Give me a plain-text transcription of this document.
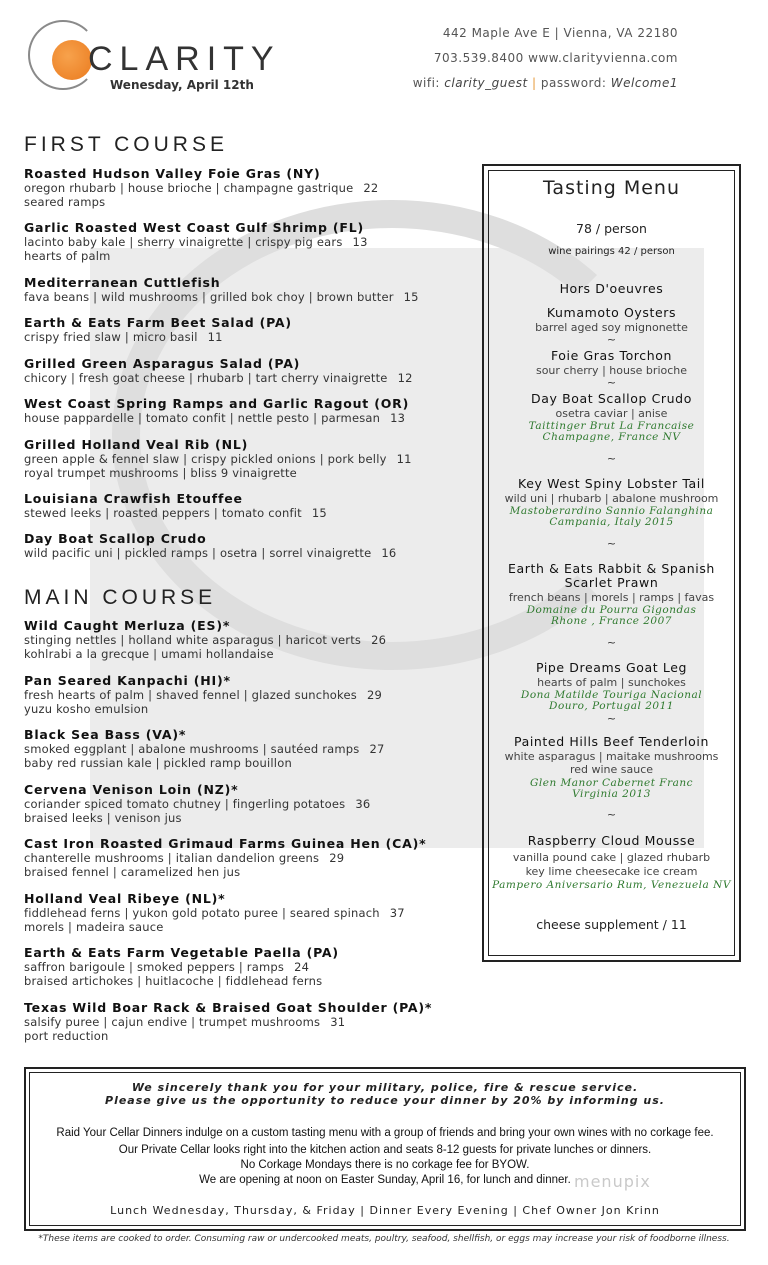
CLARITY
Wenesday, April 12th
442 Maple Ave E | Vienna, VA 22180
703.539.8400 www.clarityvienna.com
wifi: clarity_guest | password: Welcome1
FIRST COURSE
Roasted Hudson Valley Foie Gras (NY)
oregon rhubarb | house brioche | champagne gastrique 22
seared ramps
Garlic Roasted West Coast Gulf Shrimp (FL)
lacinto baby kale | sherry vinaigrette | crispy pig ears 13
hearts of palm
Mediterranean Cuttlefish
fava beans | wild mushrooms | grilled bok choy | brown butter 15
Earth & Eats Farm Beet Salad (PA)
crispy fried slaw | micro basil 11
Grilled Green Asparagus Salad (PA)
chicory | fresh goat cheese | rhubarb | tart cherry vinaigrette 12
West Coast Spring Ramps and Garlic Ragout (OR)
house pappardelle | tomato confit | nettle pesto | parmesan 13
Grilled Holland Veal Rib (NL)
green apple & fennel slaw | crispy pickled onions | pork belly 11
royal trumpet mushrooms | bliss 9 vinaigrette
Louisiana Crawfish Etouffee
stewed leeks | roasted peppers | tomato confit 15
Day Boat Scallop Crudo
wild pacific uni | pickled ramps | osetra | sorrel vinaigrette 16
MAIN COURSE
Wild Caught Merluza (ES)*
stinging nettles | holland white asparagus | haricot verts 26
kohlrabi a la grecque | umami hollandaise
Pan Seared Kanpachi (HI)*
fresh hearts of palm | shaved fennel | glazed sunchokes 29
yuzu kosho emulsion
Black Sea Bass (VA)*
smoked eggplant | abalone mushrooms | sautéed ramps 27
baby red russian kale | pickled ramp bouillon
Cervena Venison Loin (NZ)*
coriander spiced tomato chutney | fingerling potatoes 36
braised leeks | venison jus
Cast Iron Roasted Grimaud Farms Guinea Hen (CA)*
chanterelle mushrooms | italian dandelion greens 29
braised fennel | caramelized hen jus
Holland Veal Ribeye (NL)*
fiddlehead ferns | yukon gold potato puree | seared spinach 37
morels | madeira sauce
Earth & Eats Farm Vegetable Paella (PA)
saffron barigoule | smoked peppers | ramps 24
braised artichokes | huitlacoche | fiddlehead ferns
Texas Wild Boar Rack & Braised Goat Shoulder (PA)*
salsify puree | cajun endive | trumpet mushrooms 31
port reduction
Tasting Menu
78 / person
wine pairings 42 / person
Hors D'oeuvres
Kumamoto Oysters
barrel aged soy mignonette
~
Foie Gras Torchon
sour cherry | house brioche
~
Day Boat Scallop Crudo
osetra caviar | anise
Taittinger Brut La Francaise
Champagne, France NV
~
Key West Spiny Lobster Tail
wild uni | rhubarb | abalone mushroom
Mastoberardino Sannio Falanghina
Campania, Italy 2015
~
Earth & Eats Rabbit & Spanish
Scarlet Prawn
french beans | morels | ramps | favas
Domaine du Pourra Gigondas
Rhone , France 2007
~
Pipe Dreams Goat Leg
hearts of palm | sunchokes
Dona Matilde Touriga Nacional
Douro, Portugal 2011
~
Painted Hills Beef Tenderloin
white asparagus | maitake mushrooms
red wine sauce
Glen Manor Cabernet Franc
Virginia 2013
~
Raspberry Cloud Mousse
vanilla pound cake | glazed rhubarb
key lime cheesecake ice cream
Pampero Aniversario Rum, Venezuela NV
cheese supplement / 11
We sincerely thank you for your military, police, fire & rescue service.
Please give us the opportunity to reduce your dinner by 20% by informing us.
Raid Your Cellar Dinners indulge on a custom tasting menu with a group of friends and bring your own wines with no corkage fee.
Our Private Cellar looks right into the kitchen action and seats 8-12 guests for private lunches or dinners.
No Corkage Mondays there is no corkage fee for BYOW.
We are opening at noon on Easter Sunday, April 16, for lunch and dinner. menupix
Lunch Wednesday, Thursday, & Friday | Dinner Every Evening | Chef Owner Jon Krinn
*These items are cooked to order. Consuming raw or undercooked meats, poultry, seafood, shellfish, or eggs may increase your risk of foodborne illness.
